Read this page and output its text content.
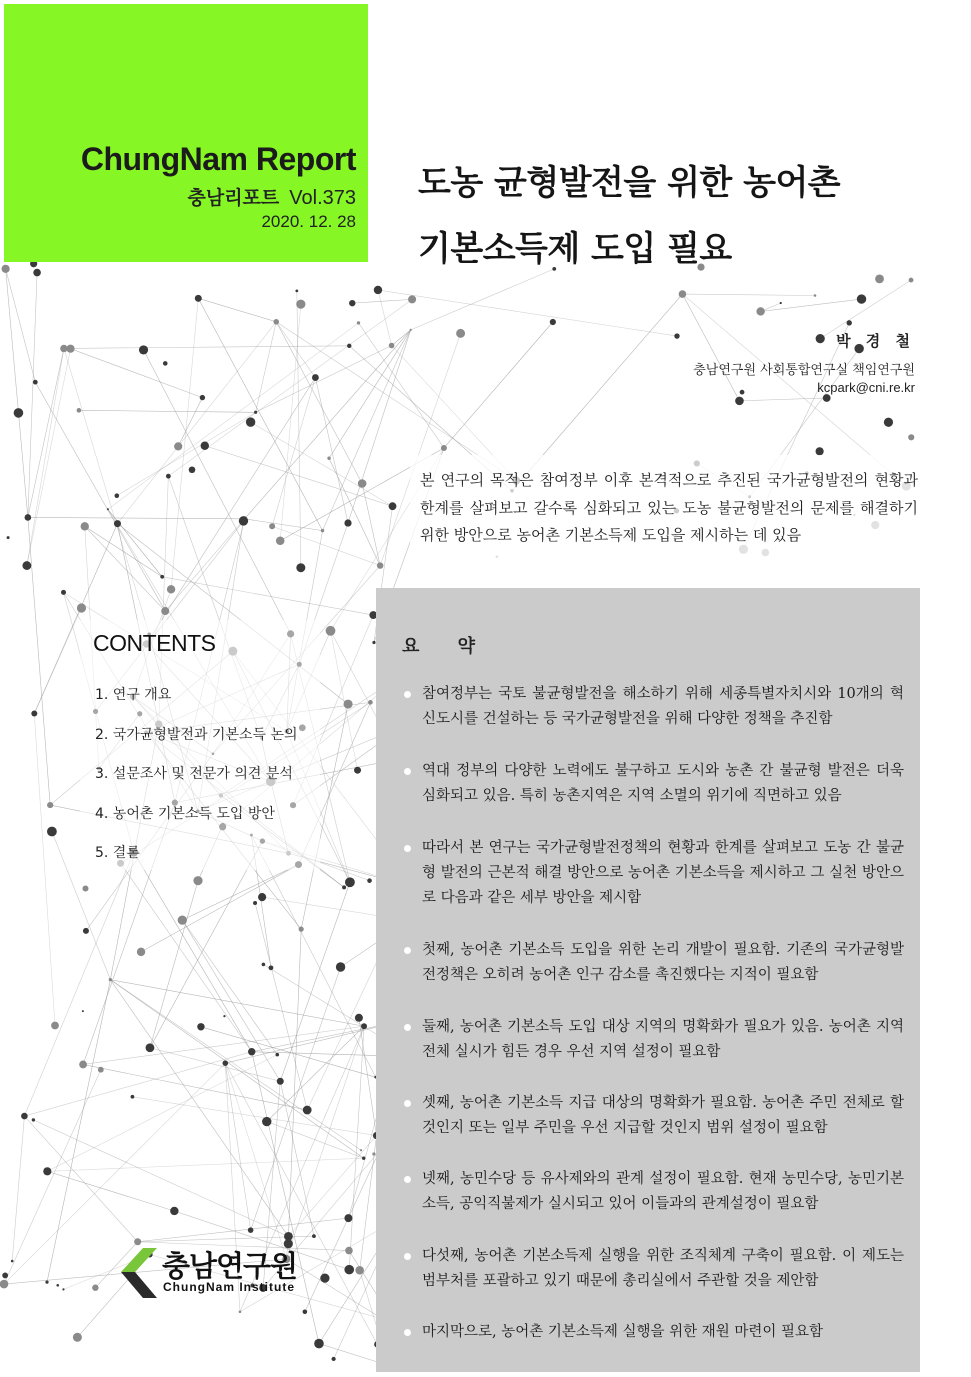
ChungNam Report
충남리포트 Vol.373
2020. 12. 28
도농 균형발전을 위한 농어촌
기본소득제 도입 필요
박 경 철
충남연구원 사회통합연구실 책임연구원
kcpark@cni.re.kr
본 연구의 목적은 참여정부 이후 본격적으로 추진된 국가균형발전의 현황과 한계를 살펴보고 갈수록 심화되고 있는 도농 불균형발전의 문제를 해결하기 위한 방안으로 농어촌 기본소득제 도입을 제시하는 데 있음
CONTENTS
1. 연구 개요
2. 국가균형발전과 기본소득 논의
3. 설문조사 및 전문가 의견 분석
4. 농어촌 기본소득 도입 방안
5. 결론
요 약
참여정부는 국토 불균형발전을 해소하기 위해 세종특별자치시와 10개의 혁신도시를 건설하는 등 국가균형발전을 위해 다양한 정책을 추진함
역대 정부의 다양한 노력에도 불구하고 도시와 농촌 간 불균형 발전은 더욱 심화되고 있음. 특히 농촌지역은 지역 소멸의 위기에 직면하고 있음
따라서 본 연구는 국가균형발전정책의 현황과 한계를 살펴보고 도농 간 불균형 발전의 근본적 해결 방안으로 농어촌 기본소득을 제시하고 그 실천 방안으로 다음과 같은 세부 방안을 제시함
첫째, 농어촌 기본소득 도입을 위한 논리 개발이 필요함. 기존의 국가균형발전정책은 오히려 농어촌 인구 감소를 촉진했다는 지적이 필요함
둘째, 농어촌 기본소득 도입 대상 지역의 명확화가 필요가 있음. 농어촌 지역 전체 실시가 힘든 경우 우선 지역 설정이 필요함
셋째, 농어촌 기본소득 지급 대상의 명확화가 필요함. 농어촌 주민 전체로 할 것인지 또는 일부 주민을 우선 지급할 것인지 범위 설정이 필요함
넷째, 농민수당 등 유사제와의 관계 설정이 필요함. 현재 농민수당, 농민기본소득, 공익직불제가 실시되고 있어 이들과의 관계설정이 필요함
다섯째, 농어촌 기본소득제 실행을 위한 조직체계 구축이 필요함. 이 제도는 범부처를 포괄하고 있기 때문에 총리실에서 주관할 것을 제안함
마지막으로, 농어촌 기본소득제 실행을 위한 재원 마련이 필요함
충남연구원
ChungNam Institute
